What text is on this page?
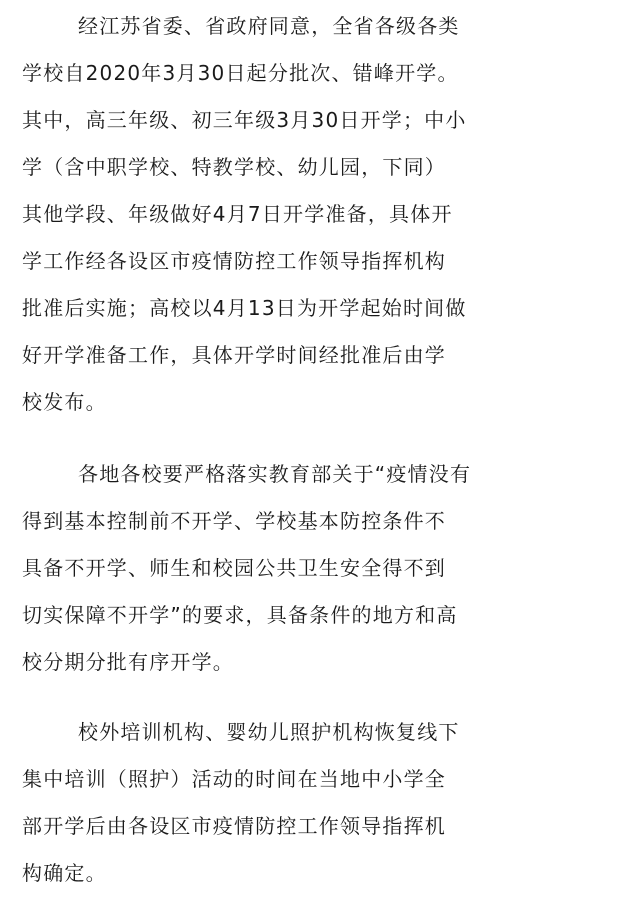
经江苏省委、省政府同意，全省各级各类
学校自2020年3月30日起分批次、错峰开学。
其中，高三年级、初三年级3月30日开学；中小
学（含中职学校、特教学校、幼儿园，下同）
其他学段、年级做好4月7日开学准备，具体开
学工作经各设区市疫情防控工作领导指挥机构
批准后实施；高校以4月13日为开学起始时间做
好开学准备工作，具体开学时间经批准后由学
校发布。
各地各校要严格落实教育部关于“疫情没有
得到基本控制前不开学、学校基本防控条件不
具备不开学、师生和校园公共卫生安全得不到
切实保障不开学”的要求，具备条件的地方和高
校分期分批有序开学。
校外培训机构、婴幼儿照护机构恢复线下
集中培训（照护）活动的时间在当地中小学全
部开学后由各设区市疫情防控工作领导指挥机
构确定。
